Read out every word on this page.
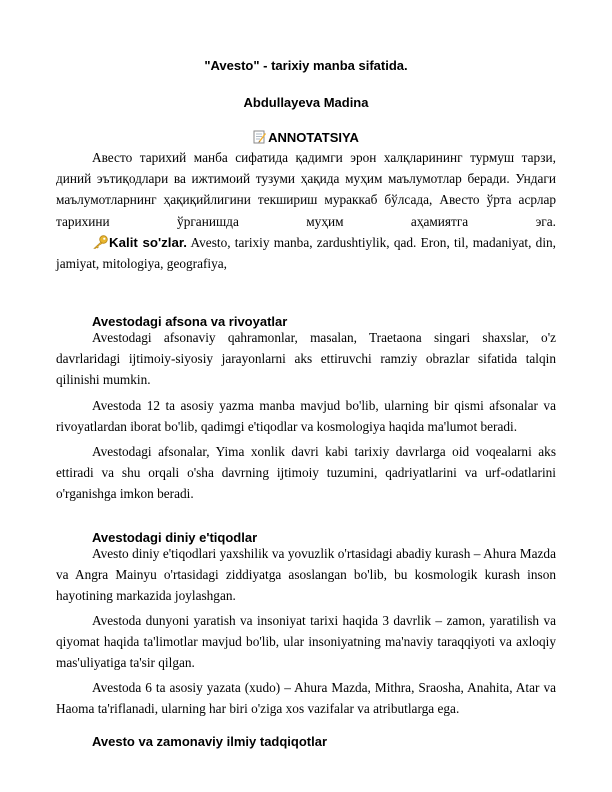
"Avesto" - tarixiy manba sifatida.
Abdullayeva Madina
ANNOTATSIYA

Авесто тарихий манба сифатида қадимги эрон халқларининг турмуш тарзи, диний эътиқодлари ва ижтимоий тузуми ҳақида муҳим маълумотлар беради. Ундаги маълумотларнинг ҳақиқийлигини текшириш мураккаб бўлсада, Авесто ўрта асрлар тарихини ўрганишда муҳим аҳамиятга эга.

Kalit so'zlar. Avesto, tarixiy manba, zardushtiylik, qad. Eron, til, madaniyat, din, jamiyat, mitologiya, geografiya,

Avestodagi afsona va rivoyatlar

Avestodagi afsonaviy qahramonlar, masalan, Traetaona singari shaxslar, o'z davrlaridagi ijtimoiy-siyosiy jarayonlarni aks ettiruvchi ramziy obrazlar sifatida talqin qilinishi mumkin.

Avestoda 12 ta asosiy yazma manba mavjud bo'lib, ularning bir qismi afsonalar va rivoyatlardan iborat bo'lib, qadimgi e'tiqodlar va kosmologiya haqida ma'lumot beradi.

Avestodagi afsonalar, Yima xonlik davri kabi tarixiy davrlarga oid voqealarni aks ettiradi va shu orqali o'sha davrning ijtimoiy tuzumini, qadriyatlarini va urf-odatlarini o'rganishga imkon beradi.

Avestodagi diniy e'tiqodlar

Avesto diniy e'tiqodlari yaxshilik va yovuzlik o'rtasidagi abadiy kurash – Ahura Mazda va Angra Mainyu o'rtasidagi ziddiyatga asoslangan bo'lib, bu kosmologik kurash inson hayotining markazida joylashgan.

Avestoda dunyoni yaratish va insoniyat tarixi haqida 3 davrlik – zamon, yaratilish va qiyomat haqida ta'limotlar mavjud bo'lib, ular insoniyatning ma'naviy taraqqiyoti va axloqiy mas'uliyatiga ta'sir qilgan.

Avestoda 6 ta asosiy yazata (xudo) – Ahura Mazda, Mithra, Sraosha, Anahita, Atar va Haoma ta'riflanadi, ularning har biri o'ziga xos vazifalar va atributlarga ega.

Avesto va zamonaviy ilmiy tadqiqotlar
